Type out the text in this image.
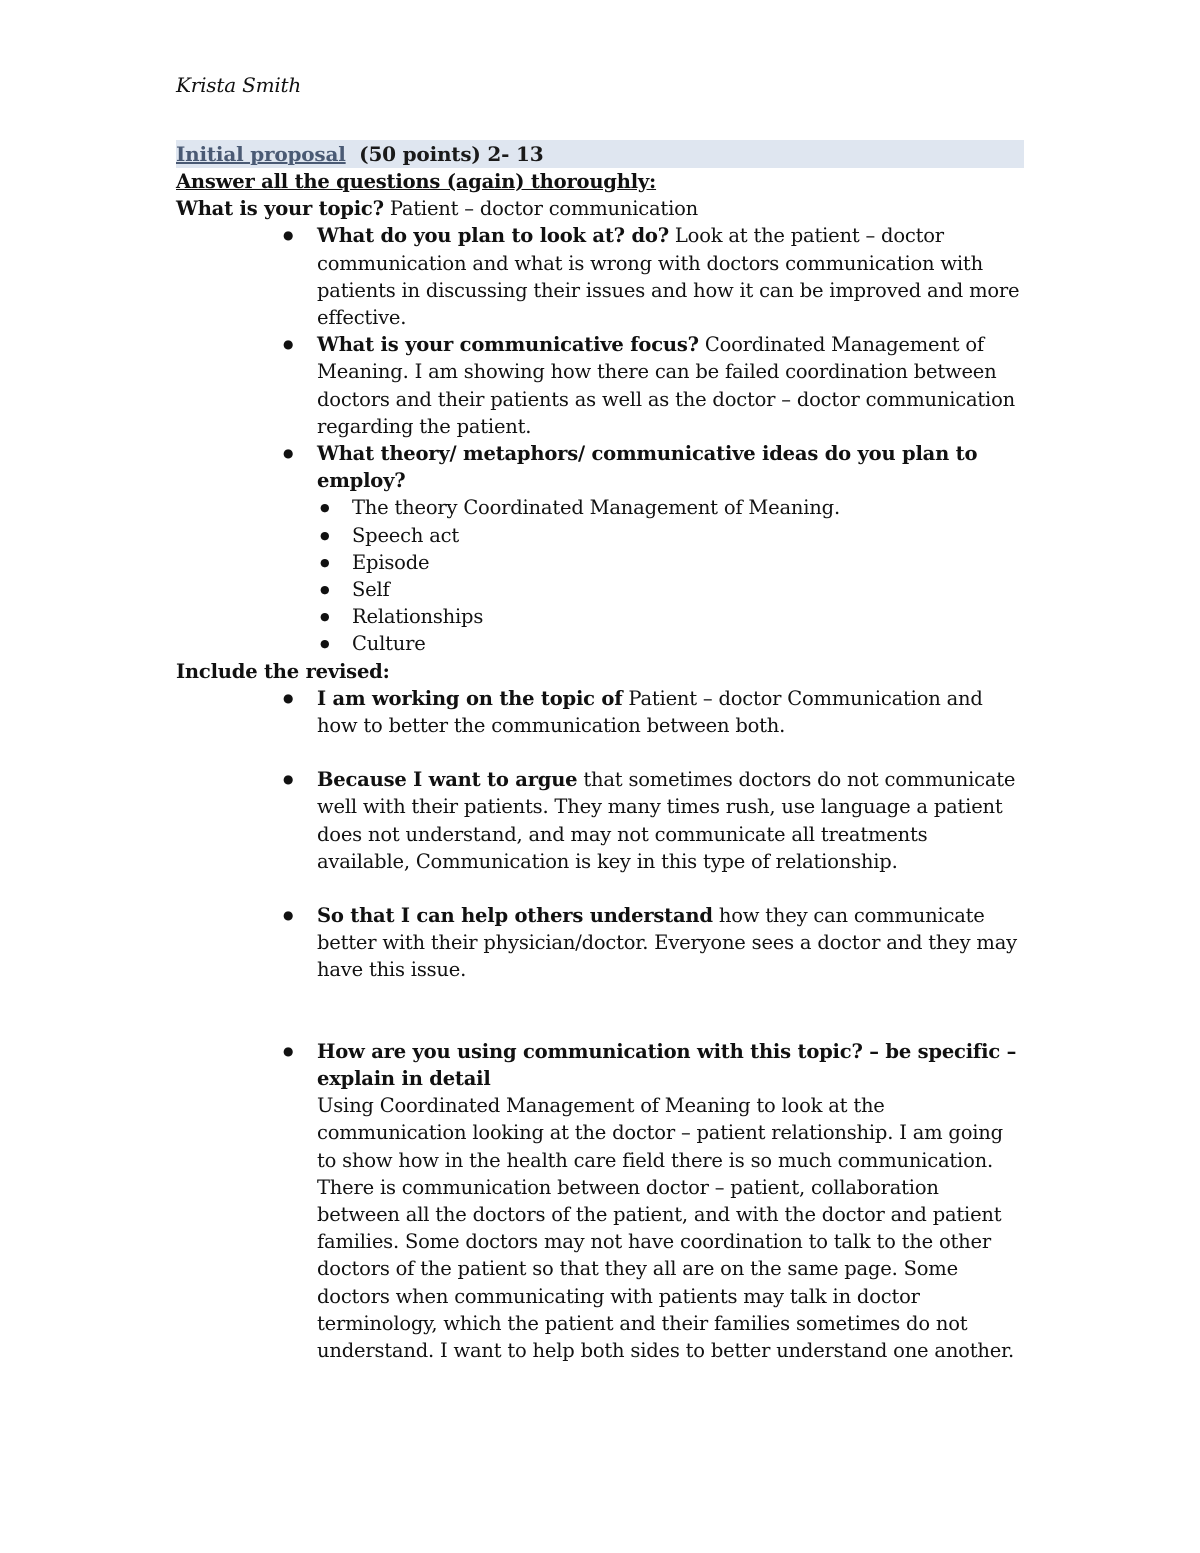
Krista Smith
Initial proposal  (50 points) 2- 13
Answer all the questions (again) thoroughly:
What is your topic? Patient – doctor communication
● What do you plan to look at? do? Look at the patient – doctor communication and what is wrong with doctors communication with patients in discussing their issues and how it can be improved and more effective.
● What is your communicative focus? Coordinated Management of Meaning. I am showing how there can be failed coordination between doctors and their patients as well as the doctor – doctor communication regarding the patient.
● What theory/ metaphors/ communicative ideas do you plan to employ?
● The theory Coordinated Management of Meaning.
● Speech act
● Episode
● Self
● Relationships
● Culture
Include the revised:
● I am working on the topic of Patient – doctor Communication and how to better the communication between both.
● Because I want to argue that sometimes doctors do not communicate well with their patients. They many times rush, use language a patient does not understand, and may not communicate all treatments available, Communication is key in this type of relationship.
● So that I can help others understand how they can communicate better with their physician/doctor. Everyone sees a doctor and they may have this issue.
● How are you using communication with this topic? – be specific – explain in detail
Using Coordinated Management of Meaning to look at the communication looking at the doctor – patient relationship. I am going to show how in the health care field there is so much communication. There is communication between doctor – patient, collaboration between all the doctors of the patient, and with the doctor and patient families. Some doctors may not have coordination to talk to the other doctors of the patient so that they all are on the same page. Some doctors when communicating with patients may talk in doctor terminology, which the patient and their families sometimes do not understand. I want to help both sides to better understand one another.
